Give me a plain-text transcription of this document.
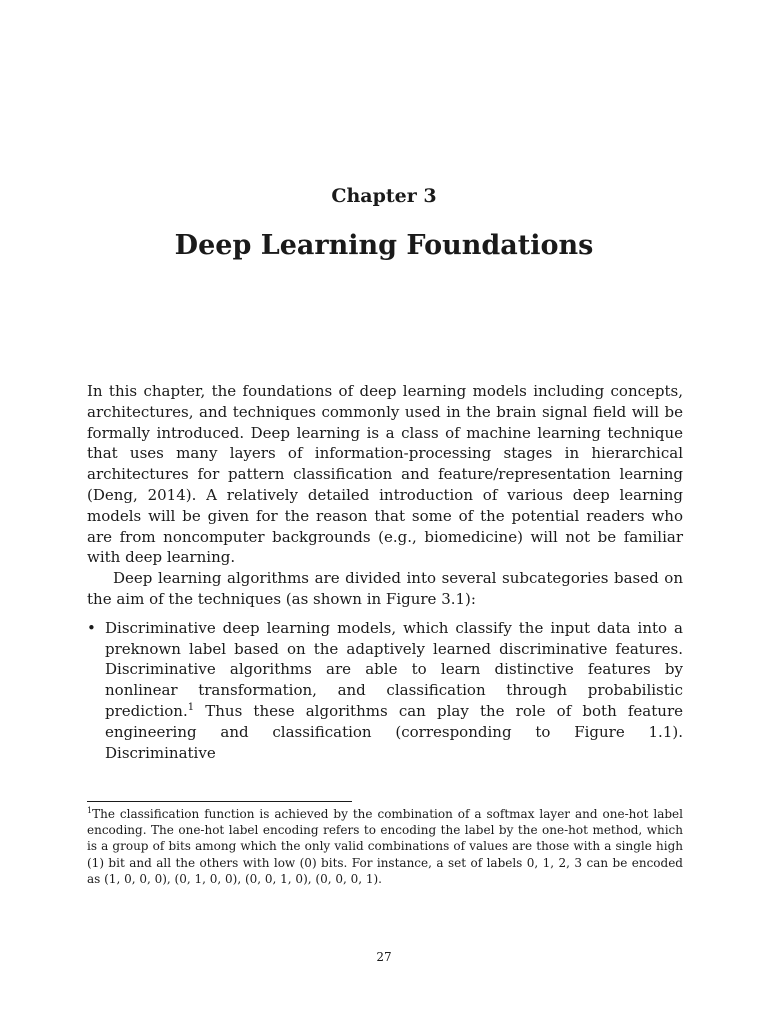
Chapter 3
Deep Learning Foundations

In this chapter, the foundations of deep learning models including concepts, architectures, and techniques commonly used in the brain signal field will be formally introduced. Deep learning is a class of machine learning technique that uses many layers of information-processing stages in hierarchical architectures for pattern classification and feature/representation learning (Deng, 2014). A relatively detailed introduction of various deep learning models will be given for the reason that some of the potential readers who are from noncomputer backgrounds (e.g., biomedicine) will not be familiar with deep learning.

Deep learning algorithms are divided into several subcategories based on the aim of the techniques (as shown in Figure 3.1):

• Discriminative deep learning models, which classify the input data into a preknown label based on the adaptively learned discriminative features. Discriminative algorithms are able to learn distinctive features by nonlinear transformation, and classification through probabilistic prediction.$^1$ Thus these algorithms can play the role of both feature engineering and classification (corresponding to Figure 1.1). Discriminative
$^1$The classification function is achieved by the combination of a softmax layer and one-hot label encoding. The one-hot label encoding refers to encoding the label by the one-hot method, which is a group of bits among which the only valid combinations of values are those with a single high (1) bit and all the others with low (0) bits. For instance, a set of labels 0, 1, 2, 3 can be encoded as (1, 0, 0, 0), (0, 1, 0, 0), (0, 0, 1, 0), (0, 0, 0, 1).
27
